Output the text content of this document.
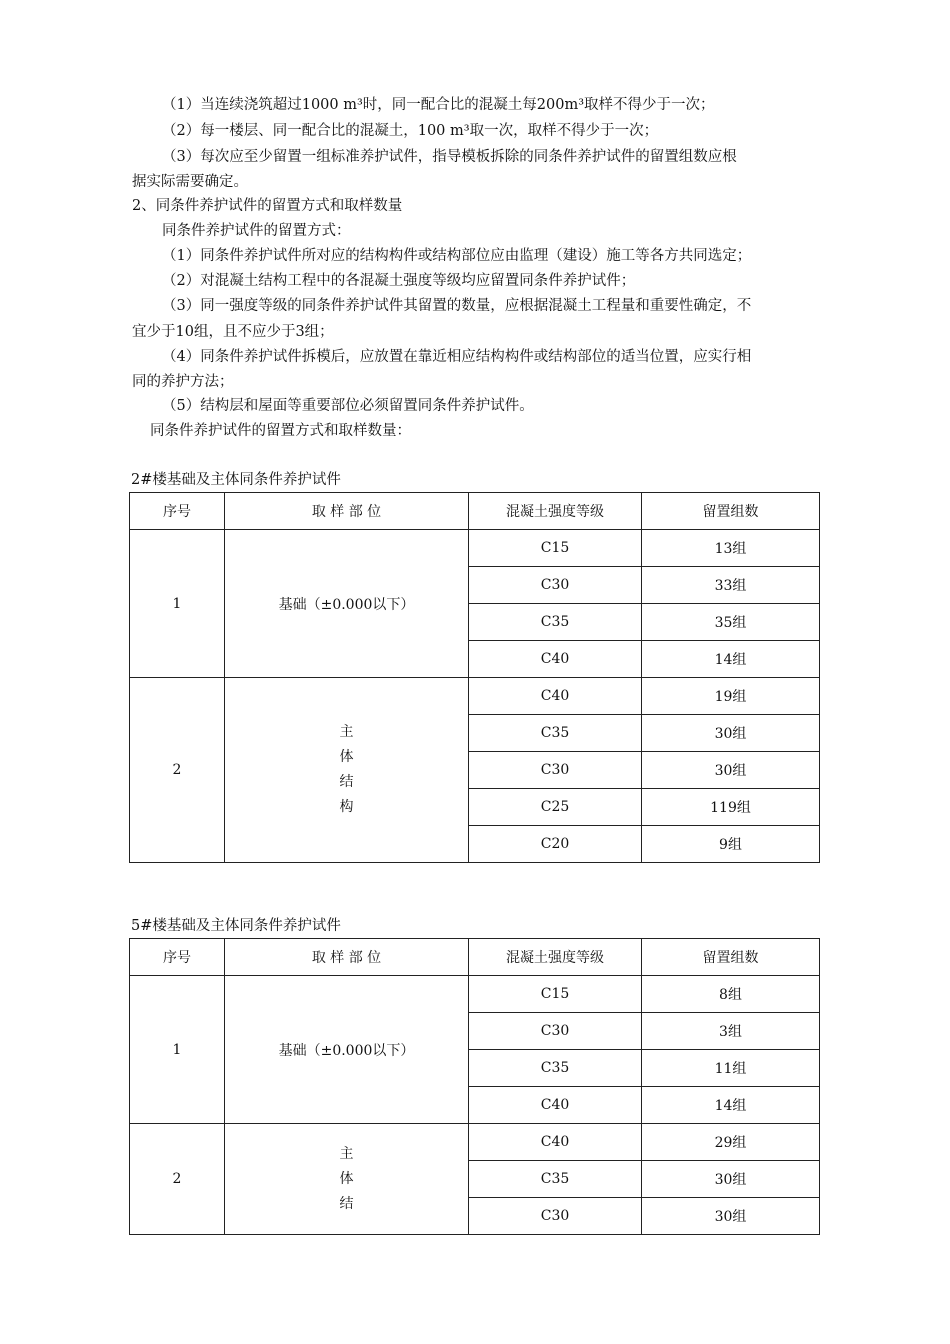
（1）当连续浇筑超过1000 m³时，同一配合比的混凝土每200m³取样不得少于一次；
（2）每一楼层、同一配合比的混凝土，100 m³取一次，取样不得少于一次；
（3）每次应至少留置一组标准养护试件，指导模板拆除的同条件养护试件的留置组数应根
据实际需要确定。
2、同条件养护试件的留置方式和取样数量
同条件养护试件的留置方式：
（1）同条件养护试件所对应的结构构件或结构部位应由监理（建设）施工等各方共同选定；
（2）对混凝土结构工程中的各混凝土强度等级均应留置同条件养护试件；
（3）同一强度等级的同条件养护试件其留置的数量，应根据混凝土工程量和重要性确定，不
宜少于10组，且不应少于3组；
（4）同条件养护试件拆模后，应放置在靠近相应结构构件或结构部位的适当位置，应实行相
同的养护方法；
（5）结构层和屋面等重要部位必须留置同条件养护试件。
同条件养护试件的留置方式和取样数量：
2#楼基础及主体同条件养护试件
序号	取 样 部 位	混凝土强度等级	留置组数
1	基础（±0.000以下）	C15	13组
		C30	33组
		C35	35组
		C40	14组
2	主
体
结
构	C40	19组
		C35	30组
		C30	30组
		C25	119组
		C20	9组
5#楼基础及主体同条件养护试件
序号	取 样 部 位	混凝土强度等级	留置组数
1	基础（±0.000以下）	C15	8组
		C30	3组
		C35	11组
		C40	14组
2	主
体
结	C40	29组
		C35	30组
		C30	30组
